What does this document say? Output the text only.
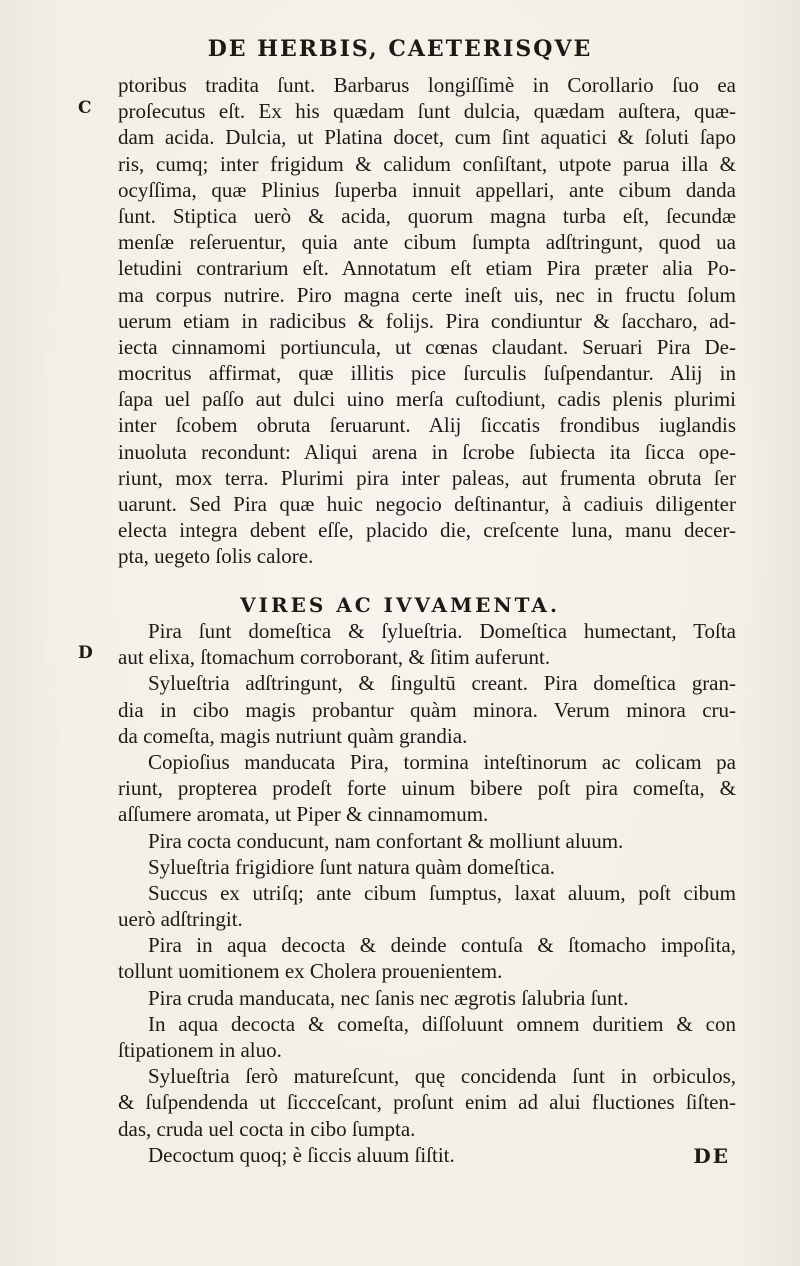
DE HERBIS, CAETERISQVE
C
D
ptoribus tradita ſunt. Barbarus longiſſimè in Corollario ſuo ea
proſecutus eſt. Ex his quædam ſunt dulcia, quædam auſtera, quæ-
dam acida. Dulcia, ut Platina docet, cum ſint aquatici & ſoluti ſapo
ris, cumq; inter frigidum & calidum conſiſtant, utpote parua illa &
ocyſſima, quæ Plinius ſuperba innuit appellari, ante cibum danda
ſunt. Stiptica uerò & acida, quorum magna turba eſt, ſecundæ
menſæ reſeruentur, quia ante cibum ſumpta adſtringunt, quod ua
letudini contrarium eſt. Annotatum eſt etiam Pira præter alia Po-
ma corpus nutrire. Piro magna certe ineſt uis, nec in fructu ſolum
uerum etiam in radicibus & folijs. Pira condiuntur & ſaccharo, ad-
iecta cinnamomi portiuncula, ut cœnas claudant. Seruari Pira De-
mocritus affirmat, quæ illitis pice ſurculis ſuſpendantur. Alij in
ſapa uel paſſo aut dulci uino merſa cuſtodiunt, cadis plenis plurimi
inter ſcobem obruta ſeruarunt. Alij ſiccatis frondibus iuglandis
inuoluta recondunt: Aliqui arena in ſcrobe ſubiecta ita ſicca ope-
riunt, mox terra. Plurimi pira inter paleas, aut frumenta obruta ſer
uarunt. Sed Pira quæ huic negocio deſtinantur, à cadiuis diligenter
electa integra debent eſſe, placido die, creſcente luna, manu decer-
pta, uegeto ſolis calore.
VIRES AC IVVAMENTA.
Pira ſunt domeſtica & ſylueſtria. Domeſtica humectant, Toſta
aut elixa, ſtomachum corroborant, & ſitim auferunt.
Sylueſtria adſtringunt, & ſingultū creant. Pira domeſtica gran-
dia in cibo magis probantur quàm minora. Verum minora cru-
da comeſta, magis nutriunt quàm grandia.
Copioſius manducata Pira, tormina inteſtinorum ac colicam pa
riunt, propterea prodeſt forte uinum bibere poſt pira comeſta, &
aſſumere aromata, ut Piper & cinnamomum.
Pira cocta conducunt, nam confortant & molliunt aluum.
Sylueſtria frigidiore ſunt natura quàm domeſtica.
Succus ex utriſq; ante cibum ſumptus, laxat aluum, poſt cibum
uerò adſtringit.
Pira in aqua decocta & deinde contuſa & ſtomacho impoſita,
tollunt uomitionem ex Cholera prouenientem.
Pira cruda manducata, nec ſanis nec ægrotis ſalubria ſunt.
In aqua decocta & comeſta, diſſoluunt omnem duritiem & con
ſtipationem in aluo.
Sylueſtria ſerò matureſcunt, quę concidenda ſunt in orbiculos,
& ſuſpendenda ut ſiccceſcant, proſunt enim ad alui fluctiones ſiſten-
das, cruda uel cocta in cibo ſumpta.
Decoctum quoq; è ſiccis aluum ſiſtit.	DE
